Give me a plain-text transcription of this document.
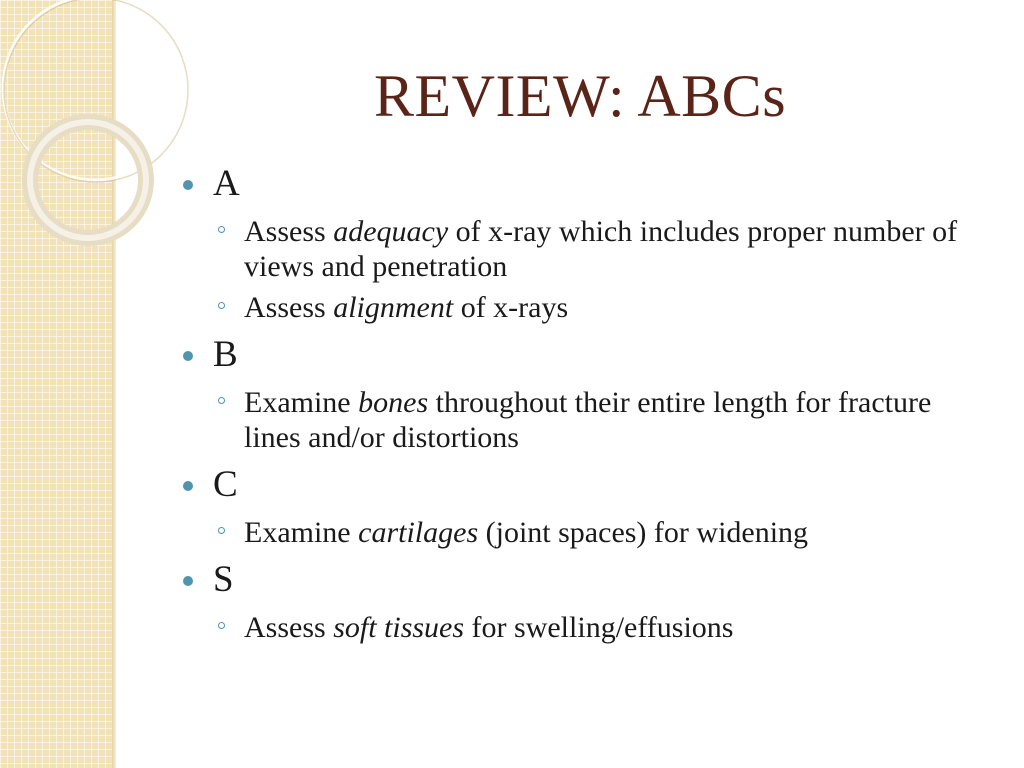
REVIEW: ABCs

A

Assess adequacy of x-ray which includes proper number of views and penetration

Assess alignment of x-rays

B

Examine bones throughout their entire length for fracture lines and/or distortions

C

Examine cartilages (joint spaces) for widening

S

Assess soft tissues for swelling/effusions
